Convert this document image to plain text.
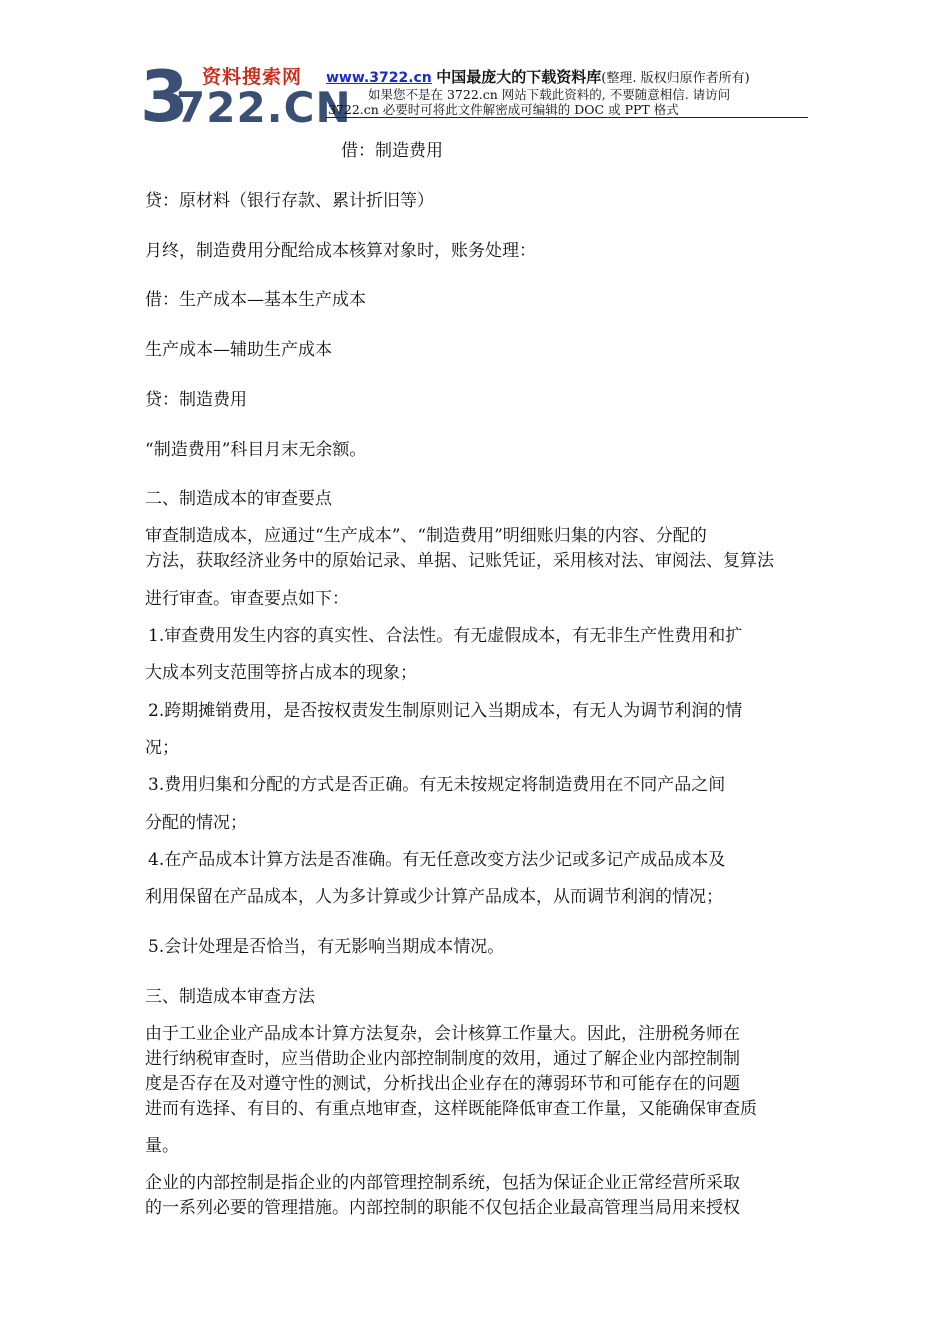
3 资料搜索网
722.CN
www.3722.cn 中国最庞大的下载资料库(整理. 版权归原作者所有)
如果您不是在 3722.cn 网站下载此资料的, 不要随意相信. 请访问
3722.cn 必要时可将此文件解密成可编辑的 DOC 或 PPT 格式
借：制造费用
贷：原材料（银行存款、累计折旧等）
月终，制造费用分配给成本核算对象时，账务处理：
借：生产成本—基本生产成本
生产成本—辅助生产成本
贷：制造费用
“制造费用”科目月末无余额。
二、制造成本的审查要点
审查制造成本，应通过“生产成本”、“制造费用”明细账归集的内容、分配的
方法，获取经济业务中的原始记录、单据、记账凭证，采用核对法、审阅法、复算法
进行审查。审查要点如下：
1.审查费用发生内容的真实性、合法性。有无虚假成本，有无非生产性费用和扩
大成本列支范围等挤占成本的现象；
2.跨期摊销费用，是否按权责发生制原则记入当期成本，有无人为调节利润的情
况；
3.费用归集和分配的方式是否正确。有无未按规定将制造费用在不同产品之间
分配的情况；
4.在产品成本计算方法是否准确。有无任意改变方法少记或多记产成品成本及
利用保留在产品成本，人为多计算或少计算产品成本，从而调节利润的情况；
5.会计处理是否恰当，有无影响当期成本情况。
三、制造成本审查方法
由于工业企业产品成本计算方法复杂，会计核算工作量大。因此，注册税务师在
进行纳税审查时，应当借助企业内部控制制度的效用，通过了解企业内部控制制
度是否存在及对遵守性的测试，分析找出企业存在的薄弱环节和可能存在的问题
进而有选择、有目的、有重点地审查，这样既能降低审查工作量，又能确保审查质
量。
企业的内部控制是指企业的内部管理控制系统，包括为保证企业正常经营所采取
的一系列必要的管理措施。内部控制的职能不仅包括企业最高管理当局用来授权
